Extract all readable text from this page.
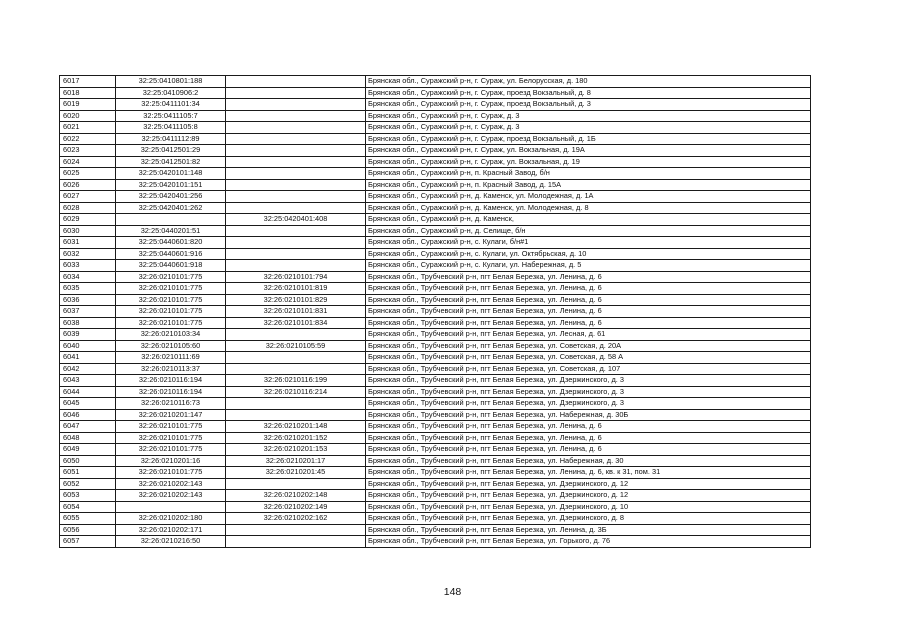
6017	32:25:0410801:188		Брянская обл., Суражский р-н, г. Сураж, ул. Белорусская, д. 180
6018	32:25:0410906:2		Брянская обл., Суражский р-н, г. Сураж, проезд Вокзальный, д. 8
6019	32:25:0411101:34		Брянская обл., Суражский р-н, г. Сураж, проезд Вокзальный, д. 3
6020	32:25:0411105:7		Брянская обл., Суражский р-н, г. Сураж, д. 3
6021	32:25:0411105:8		Брянская обл., Суражский р-н, г. Сураж, д. 3
6022	32:25:0411112:89		Брянская обл., Суражский р-н, г. Сураж, проезд Вокзальный, д. 1Б
6023	32:25:0412501:29		Брянская обл., Суражский р-н, г. Сураж, ул. Вокзальная, д. 19А
6024	32:25:0412501:82		Брянская обл., Суражский р-н, г. Сураж, ул. Вокзальная, д. 19
6025	32:25:0420101:148		Брянская обл., Суражский р-н, п. Красный Завод, б/н
6026	32:25:0420101:151		Брянская обл., Суражский р-н, п. Красный Завод, д. 15А
6027	32:25:0420401:256		Брянская обл., Суражский р-н, д. Каменск, ул. Молодежная, д. 1А
6028	32:25:0420401:262		Брянская обл., Суражский р-н, д. Каменск, ул. Молодежная, д. 8
6029		32:25:0420401:408	Брянская обл., Суражский р-н, д. Каменск,
6030	32:25:0440201:51		Брянская обл., Суражский р-н, д. Селище, б/н
6031	32:25:0440601:820		Брянская обл., Суражский р-н, с. Кулаги, б/н#1
6032	32:25:0440601:916		Брянская обл., Суражский р-н, с. Кулаги, ул. Октябрьская, д. 10
6033	32:25:0440601:918		Брянская обл., Суражский р-н, с. Кулаги, ул. Набережная, д. 5
6034	32:26:0210101:775	32:26:0210101:794	Брянская обл., Трубчевский р-н, пгт Белая Березка, ул. Ленина, д. 6
6035	32:26:0210101:775	32:26:0210101:819	Брянская обл., Трубчевский р-н, пгт Белая Березка, ул. Ленина, д. 6
6036	32:26:0210101:775	32:26:0210101:829	Брянская обл., Трубчевский р-н, пгт Белая Березка, ул. Ленина, д. 6
6037	32:26:0210101:775	32:26:0210101:831	Брянская обл., Трубчевский р-н, пгт Белая Березка, ул. Ленина, д. 6
6038	32:26:0210101:775	32:26:0210101:834	Брянская обл., Трубчевский р-н, пгт Белая Березка, ул. Ленина, д. 6
6039	32:26:0210103:34		Брянская обл., Трубчевский р-н, пгт Белая Березка, ул. Лесная, д. 61
6040	32:26:0210105:60	32:26:0210105:59	Брянская обл., Трубчевский р-н, пгт Белая Березка, ул. Советская, д. 20А
6041	32:26:0210111:69		Брянская обл., Трубчевский р-н, пгт Белая Березка, ул. Советская, д. 58 А
6042	32:26:0210113:37		Брянская обл., Трубчевский р-н, пгт Белая Березка, ул. Советская, д. 107
6043	32:26:0210116:194	32:26:0210116:199	Брянская обл., Трубчевский р-н, пгт Белая Березка, ул. Дзержинского, д. 3
6044	32:26:0210116:194	32:26:0210116:214	Брянская обл., Трубчевский р-н, пгт Белая Березка, ул. Дзержинского, д. 3
6045	32:26:0210116:73		Брянская обл., Трубчевский р-н, пгт Белая Березка, ул. Дзержинского, д. 3
6046	32:26:0210201:147		Брянская обл., Трубчевский р-н, пгт Белая Березка, ул. Набережная, д. 30Б
6047	32:26:0210101:775	32:26:0210201:148	Брянская обл., Трубчевский р-н, пгт Белая Березка, ул. Ленина, д. 6
6048	32:26:0210101:775	32:26:0210201:152	Брянская обл., Трубчевский р-н, пгт Белая Березка, ул. Ленина, д. 6
6049	32:26:0210101:775	32:26:0210201:153	Брянская обл., Трубчевский р-н, пгт Белая Березка, ул. Ленина, д. 6
6050	32:26:0210201:16	32:26:0210201:17	Брянская обл., Трубчевский р-н, пгт Белая Березка, ул. Набережная, д. 30
6051	32:26:0210101:775	32:26:0210201:45	Брянская обл., Трубчевский р-н, пгт Белая Березка, ул. Ленина, д. 6, кв. к 31, пом. 31
6052	32:26:0210202:143		Брянская обл., Трубчевский р-н, пгт Белая Березка, ул. Дзержинского, д. 12
6053	32:26:0210202:143	32:26:0210202:148	Брянская обл., Трубчевский р-н, пгт Белая Березка, ул. Дзержинского, д. 12
6054		32:26:0210202:149	Брянская обл., Трубчевский р-н, пгт Белая Березка, ул. Дзержинского, д. 10
6055	32:26:0210202:180	32:26:0210202:162	Брянская обл., Трубчевский р-н, пгт Белая Березка, ул. Дзержинского, д. 8
6056	32:26:0210202:171		Брянская обл., Трубчевский р-н, пгт Белая Березка, ул. Ленина, д. 3Б
6057	32:26:0210216:50		Брянская обл., Трубчевский р-н, пгт Белая Березка, ул. Горького, д. 76
148
